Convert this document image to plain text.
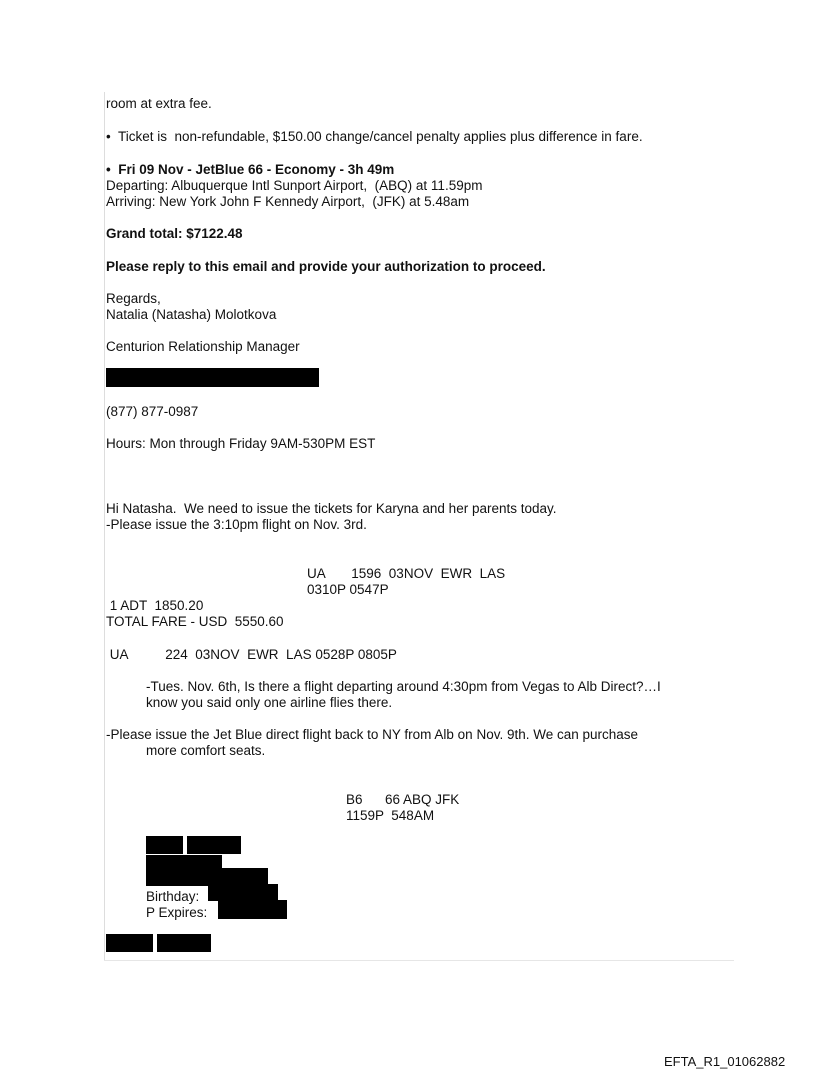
room at extra fee.
•  Ticket is  non-refundable, $150.00 change/cancel penalty applies plus difference in fare.
•  Fri 09 Nov - JetBlue 66 - Economy - 3h 49m
Departing: Albuquerque Intl Sunport Airport,  (ABQ) at 11.59pm
Arriving: New York John F Kennedy Airport,  (JFK) at 5.48am
Grand total: $7122.48
Please reply to this email and provide your authorization to proceed.
Regards,
Natalia (Natasha) Molotkova
Centurion Relationship Manager
(877) 877-0987
Hours: Mon through Friday 9AM-530PM EST
Hi Natasha.  We need to issue the tickets for Karyna and her parents today.
-Please issue the 3:10pm flight on Nov. 3rd.
UA       1596  03NOV  EWR  LAS
0310P 0547P
1 ADT  1850.20
TOTAL FARE - USD  5550.60
UA          224  03NOV  EWR  LAS 0528P 0805P
-Tues. Nov. 6th, Is there a flight departing around 4:30pm from Vegas to Alb Direct?…I
know you said only one airline flies there.
-Please issue the Jet Blue direct flight back to NY from Alb on Nov. 9th. We can purchase
more comfort seats.
B6      66 ABQ JFK
1159P  548AM
Birthday:
P Expires:
EFTA_R1_01062882
